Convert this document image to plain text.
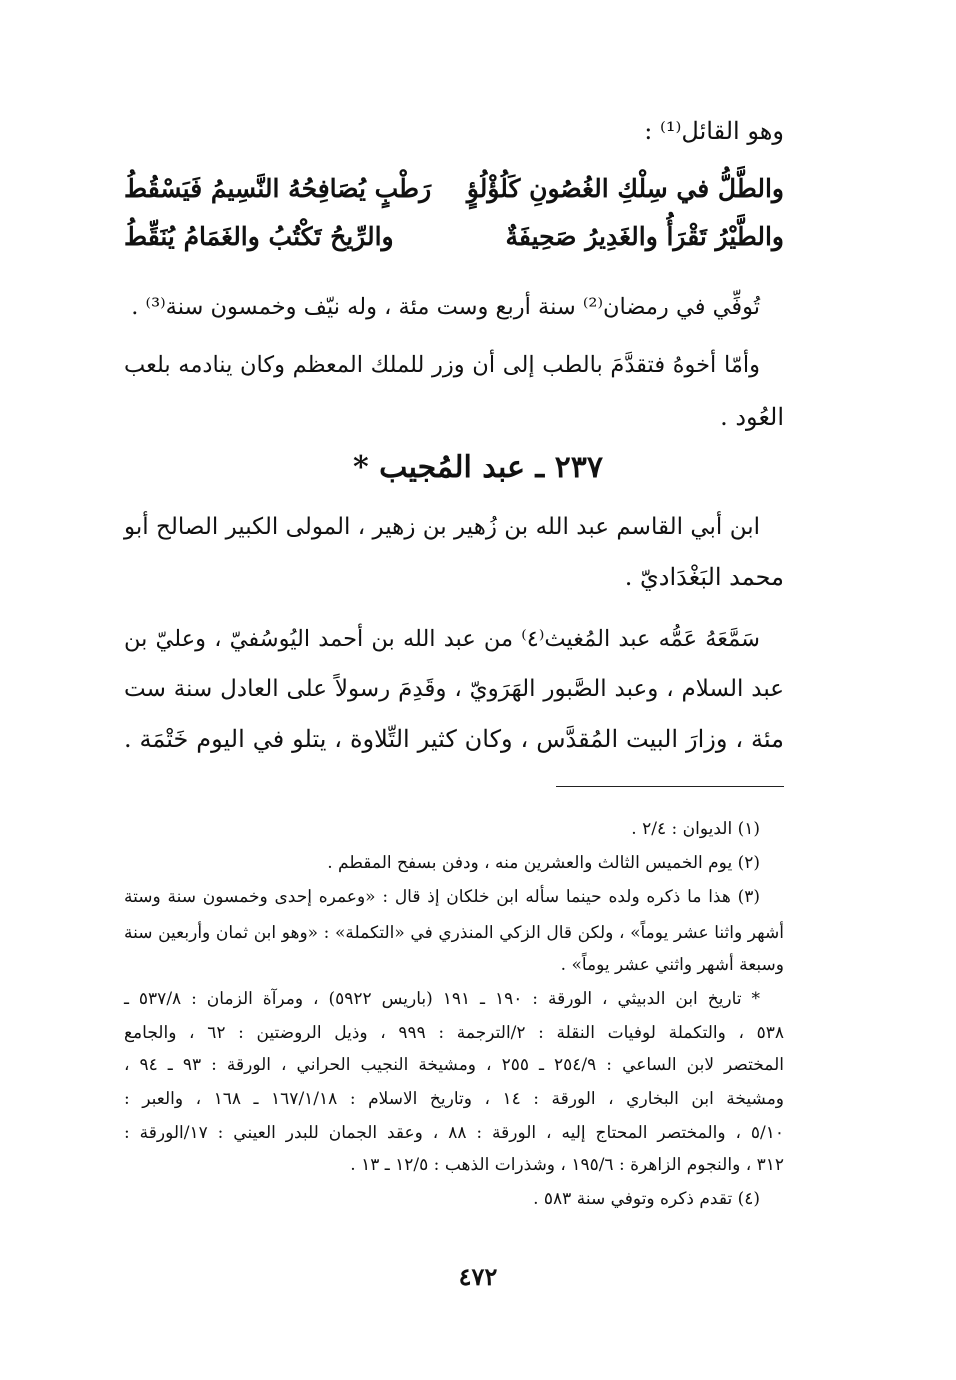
وهو القائل⁽¹⁾ :
والطَّلُّ في سِلْكِ الغُصُونِ كَلُؤْلُؤٍ
رَطْبٍ يُصَافِحُهُ النَّسِيمُ فَيَسْقُطُ
والطَّيْرُ تَقْرَأُ والغَدِيرُ صَحِيفَةٌ
والرِّيحُ تَكْتُبُ والغَمَامُ يُنَقِّطُ
تُوفِّي في رمضان⁽²⁾ سنة أربع وست مئة ، وله نيّف وخمسون سنة⁽³⁾ .
وأمّا أخوهُ فتقدَّمَ بالطب إلى أن وزر للملك المعظم وكان ينادمه بلعب
العُود .
٢٣٧ ـ عبد المُجيب *
ابن أبي القاسم عبد الله بن زُهير بن زهير ، المولى الكبير الصالح أبو
محمد البَغْدَاديّ .
سَمَّعَهُ عَمُّه عبد المُغيث⁽٤⁾ من عبد الله بن أحمد اليُوسُفيّ ، وعليّ بن
عبد السلام ، وعبد الصَّبور الهَرَويّ ، وقَدِمَ رسولاً على العادل سنة ست
مئة ، وزارَ البيت المُقدَّس ، وكان كثير التِّلاوة ، يتلو في اليوم خَتْمَة .
(١) الديوان : ٢/٤ .
(٢) يوم الخميس الثالث والعشرين منه ، ودفن بسفح المقطم .
(٣) هذا ما ذكره ولده حينما سأله ابن خلكان إذ قال : «وعمره إحدى وخمسون سنة وستة
أشهر واثنا عشر يوماً» ، ولكن قال الزكي المنذري في «التكملة» : «وهو ابن ثمان وأربعين سنة
وسبعة أشهر واثني عشر يوماً» .
* تاريخ ابن الدبيثي ، الورقة : ١٩٠ ـ ١٩١ (باريس ٥٩٢٢) ، ومرآة الزمان : ٥٣٧/٨ ـ
٥٣٨ ، والتكملة لوفيات النقلة : ٢/الترجمة : ٩٩٩ ، وذيل الروضتين : ٦٢ ، والجامع
المختصر لابن الساعي : ٢٥٤/٩ ـ ٢٥٥ ، ومشيخة النجيب الحراني ، الورقة : ٩٣ ـ ٩٤ ،
ومشيخة ابن البخاري ، الورقة : ١٤ ، وتاريخ الاسلام : ١٦٧/١/١٨ ـ ١٦٨ ، والعبر :
٥/١٠ ، والمختصر المحتاج إليه ، الورقة : ٨٨ ، وعقد الجمان للبدر العيني : ١٧/الورقة :
٣١٢ ، والنجوم الزاهرة : ١٩٥/٦ ، وشذرات الذهب : ١٢/٥ ـ ١٣ .
(٤) تقدم ذكره وتوفي سنة ٥٨٣ .
٤٧٢
